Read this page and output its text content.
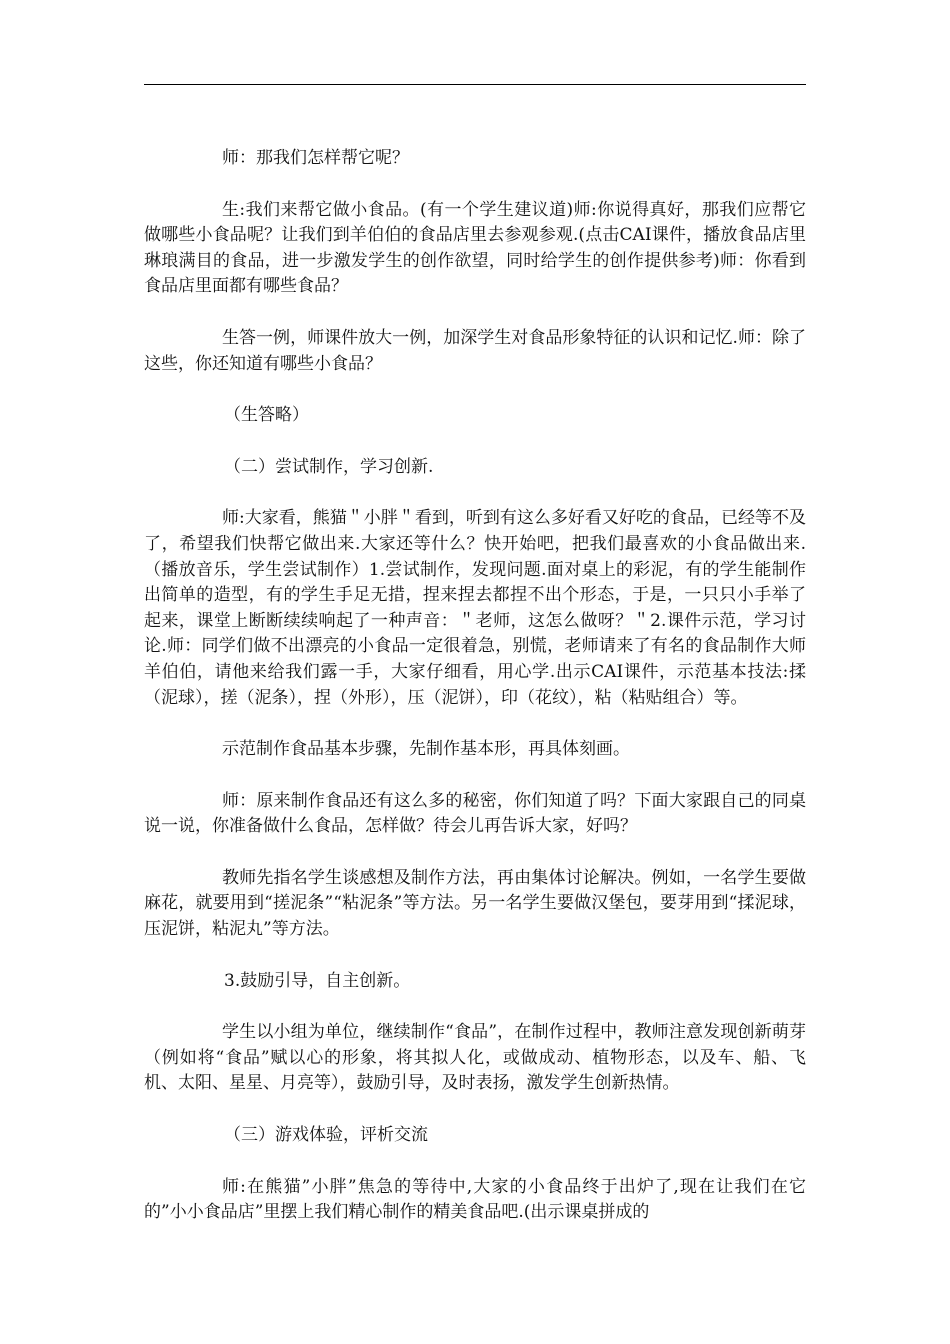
师：那我们怎样帮它呢？

生:我们来帮它做小食品。(有一个学生建议道)师:你说得真好，那我们应帮它做哪些小食品呢？让我们到羊伯伯的食品店里去参观参观.(点击CAI课件，播放食品店里琳琅满目的食品，进一步激发学生的创作欲望，同时给学生的创作提供参考)师：你看到食品店里面都有哪些食品？

生答一例，师课件放大一例，加深学生对食品形象特征的认识和记忆.师：除了这些，你还知道有哪些小食品？

（生答略）

（二）尝试制作，学习创新.

师:大家看，熊猫＂小胖＂看到，听到有这么多好看又好吃的食品，已经等不及了，希望我们快帮它做出来.大家还等什么？快开始吧，把我们最喜欢的小食品做出来.（播放音乐，学生尝试制作）1.尝试制作，发现问题.面对桌上的彩泥，有的学生能制作出简单的造型，有的学生手足无措，捏来捏去都捏不出个形态，于是，一只只小手举了起来，课堂上断断续续响起了一种声音：＂老师，这怎么做呀？＂2.课件示范，学习讨论.师：同学们做不出漂亮的小食品一定很着急，别慌，老师请来了有名的食品制作大师羊伯伯，请他来给我们露一手，大家仔细看，用心学.出示CAI课件，示范基本技法:揉（泥球），搓（泥条），捏（外形），压（泥饼），印（花纹），粘（粘贴组合）等。

示范制作食品基本步骤，先制作基本形，再具体刻画。

师：原来制作食品还有这么多的秘密，你们知道了吗？下面大家跟自己的同桌说一说，你准备做什么食品，怎样做？待会儿再告诉大家，好吗？

教师先指名学生谈感想及制作方法，再由集体讨论解决。例如，一名学生要做麻花，就要用到“搓泥条”“粘泥条”等方法。另一名学生要做汉堡包，要芽用到“揉泥球，压泥饼，粘泥丸”等方法。

3.鼓励引导，自主创新。

学生以小组为单位，继续制作“食品”，在制作过程中，教师注意发现创新萌芽（例如将“食品”赋以心的形象，将其拟人化，或做成动、植物形态，以及车、船、飞机、太阳、星星、月亮等），鼓励引导，及时表扬，激发学生创新热情。

（三）游戏体验，评析交流

师:在熊猫”小胖”焦急的等待中,大家的小食品终于出炉了,现在让我们在它的”小小食品店”里摆上我们精心制作的精美食品吧.(出示课桌拼成的
